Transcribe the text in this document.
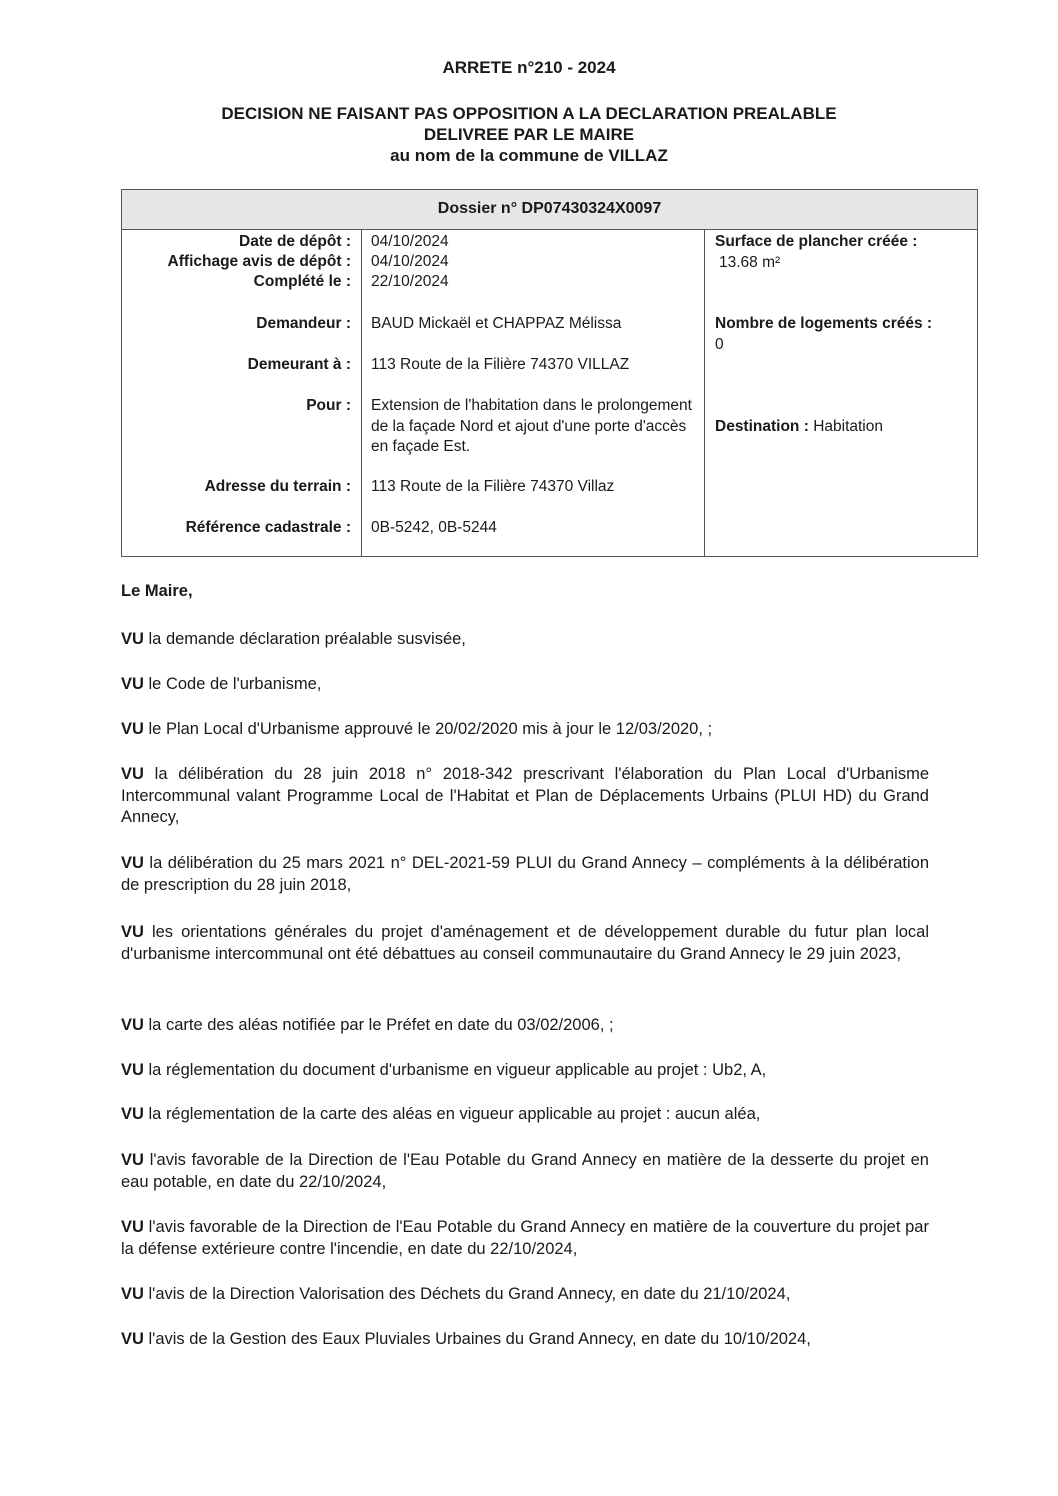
ARRETE n°210 - 2024
DECISION NE FAISANT PAS OPPOSITION A LA DECLARATION PREALABLE
DELIVREE PAR LE MAIRE
au nom de la commune de VILLAZ
Dossier n° DP07430324X0097
Date de dépôt : 04/10/2024
Affichage avis de dépôt : 04/10/2024
Complété le : 22/10/2024
Demandeur : BAUD Mickaël et CHAPPAZ Mélissa
Demeurant à : 113 Route de la Filière 74370 VILLAZ
Pour : Extension de l'habitation dans le prolongement de la façade Nord et ajout d'une porte d'accès en façade Est.
Adresse du terrain : 113 Route de la Filière 74370 Villaz
Référence cadastrale : 0B-5242, 0B-5244
Surface de plancher créée :
13.68 m²
Nombre de logements créés :
0
Destination : Habitation
Le Maire,
VU la demande déclaration préalable susvisée,
VU le Code de l'urbanisme,
VU le Plan Local d'Urbanisme approuvé le 20/02/2020 mis à jour le 12/03/2020, ;
VU la délibération du 28 juin 2018 n° 2018-342 prescrivant l'élaboration du Plan Local d'Urbanisme Intercommunal valant Programme Local de l'Habitat et Plan de Déplacements Urbains (PLUI HD) du Grand Annecy,
VU la délibération du 25 mars 2021 n° DEL-2021-59 PLUI du Grand Annecy – compléments à la délibération de prescription du 28 juin 2018,
VU les orientations générales du projet d'aménagement et de développement durable du futur plan local d'urbanisme intercommunal ont été débattues au conseil communautaire du Grand Annecy le 29 juin 2023,
VU la carte des aléas notifiée par le Préfet en date du 03/02/2006, ;
VU la réglementation du document d'urbanisme en vigueur applicable au projet : Ub2, A,
VU la réglementation de la carte des aléas en vigueur applicable au projet : aucun aléa,
VU l'avis favorable de la Direction de l'Eau Potable du Grand Annecy en matière de la desserte du projet en eau potable, en date du 22/10/2024,
VU l'avis favorable de la Direction de l'Eau Potable du Grand Annecy en matière de la couverture du projet par la défense extérieure contre l'incendie, en date du 22/10/2024,
VU l'avis de la Direction Valorisation des Déchets du Grand Annecy, en date du 21/10/2024,
VU l'avis de la Gestion des Eaux Pluviales Urbaines du Grand Annecy, en date du 10/10/2024,
